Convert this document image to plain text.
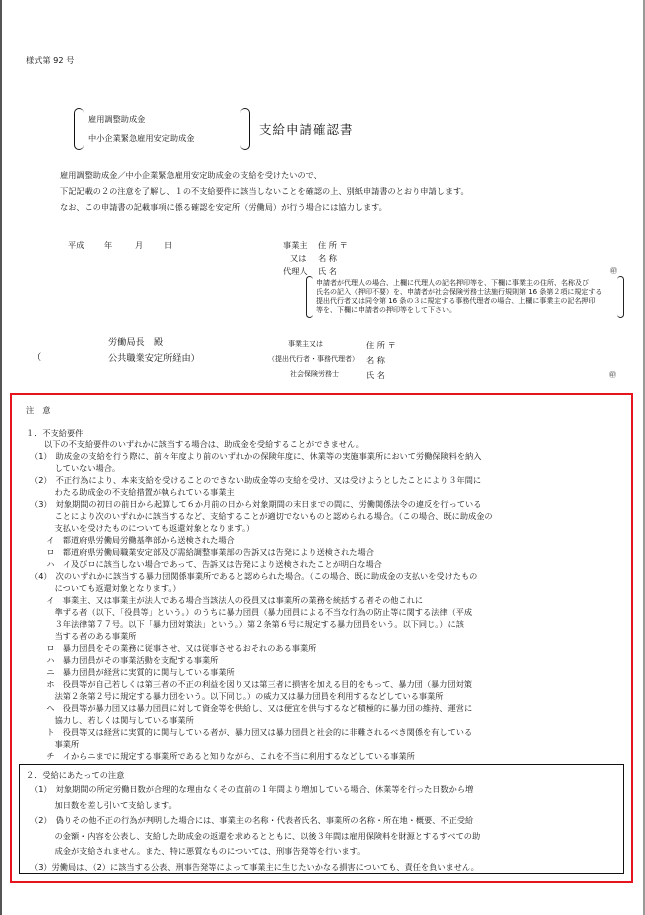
様式第 92 号
雇用調整助成金
中小企業緊急雇用安定助成金
支給申請確認書
雇用調整助成金／中小企業緊急雇用安定助成金の支給を受けたいので、
下記記載の２の注意を了解し、１の不支給要件に該当しないことを確認の上、別紙申請書のとおり申請します。
なお、この申請書の記載事項に係る確認を安定所（労働局）が行う場合には協力します。
平成 年	月	日	事業主
又は
代理人
住 所 〒
名 称
氏 名	㊞
申請者が代理人の場合、上欄に代理人の記名押印等を、下欄に事業主の住所、名称及び
氏名の記入（押印不要）を、申請者が社会保険労務士法施行規則第 16 条第２項に規定する
提出代行者又は同令第 16 条の３に規定する事務代理者の場合、上欄に事業主の記名押印
等を、下欄に申請者の押印等をして下さい。
（
労働局長　殿
公共職業安定所経由）
事業主又は
（提出代行者・事務代理者）
社会保険労務士
住 所 〒
名 称
氏 名	㊞
注　意
１．不支給要件
以下の不支給要件のいずれかに該当する場合は、助成金を受給することができません。
（1）　助成金の支給を行う際に、前々年度より前のいずれかの保険年度に、休業等の実施事業所において労働保険料を納入
　　　していない場合。
（2）　不正行為により、本来支給を受けることのできない助成金等の支給を受け、又は受けようとしたことにより３年間に
　　　わたる助成金の不支給措置が執られている事業主
（3）　対象期間の初日の前日から起算して６か月前の日から対象期間の末日までの間に、労働関係法令の違反を行っている
　　　ことにより次のいずれかに該当するなど、支給することが適切でないものと認められる場合。（この場合、既に助成金の
　　　支払いを受けたものについても返還対象となります。）
　　イ　都道府県労働局労働基準部から送検された場合
　　ロ　都道府県労働局職業安定部及び需給調整事業部の告訴又は告発により送検された場合
　　ハ　イ及びロに該当しない場合であって、告訴又は告発により送検されたことが明白な場合
（4）　次のいずれかに該当する暴力団関係事業所であると認められた場合。（この場合、既に助成金の支払いを受けたもの
　　　についても返還対象となります。）
　　イ　事業主、又は事業主が法人である場合当該法人の役員又は事業所の業務を統括する者その他これに
　　　準ずる者（以下、「役員等」という。）のうちに暴力団員（暴力団員による不当な行為の防止等に関する法律（平成
　　　３年法律第７７号。以下「暴力団対策法」という。）第２条第６号に規定する暴力団員をいう。以下同じ。）に該
　　　当する者のある事業所
　　ロ　暴力団員をその業務に従事させ、又は従事させるおそれのある事業所
　　ハ　暴力団員がその事業活動を支配する事業所
　　ニ　暴力団員が経営に実質的に関与している事業所
　　ホ　役員等が自己若しくは第三者の不正の利益を図り又は第三者に損害を加える目的をもって、暴力団（暴力団対策
　　　法第２条第２号に規定する暴力団をいう。以下同じ。）の威力又は暴力団員を利用するなどしている事業所
　　ヘ　役員等が暴力団又は暴力団員に対して資金等を供給し、又は便宜を供与するなど積極的に暴力団の維持、運営に
　　　協力し、若しくは関与している事業所
　　ト　役員等又は経営に実質的に関与している者が、暴力団又は暴力団員と社会的に非難されるべき関係を有している
　　　事業所
　　チ　イからニまでに規定する事業所であると知りながら、これを不当に利用するなどしている事業所
２．受給にあたっての注意
（1）　対象期間の所定労働日数が合理的な理由なくその直前の１年間より増加している場合、休業等を行った日数から増
　　　加日数を差し引いて支給します。
（2）　偽りその他不正の行為が判明した場合には、事業主の名称・代表者氏名、事業所の名称・所在地・概要、不正受給
　　　の金額・内容を公表し、支給した助成金の返還を求めるとともに、以後３年間は雇用保険料を財源とするすべての助
　　　成金が支給されません。また、特に悪質なものについては、刑事告発等を行います。
（3）労働局は、（2）に該当する公表、刑事告発等によって事業主に生じたいかなる損害についても、責任を負いません。
